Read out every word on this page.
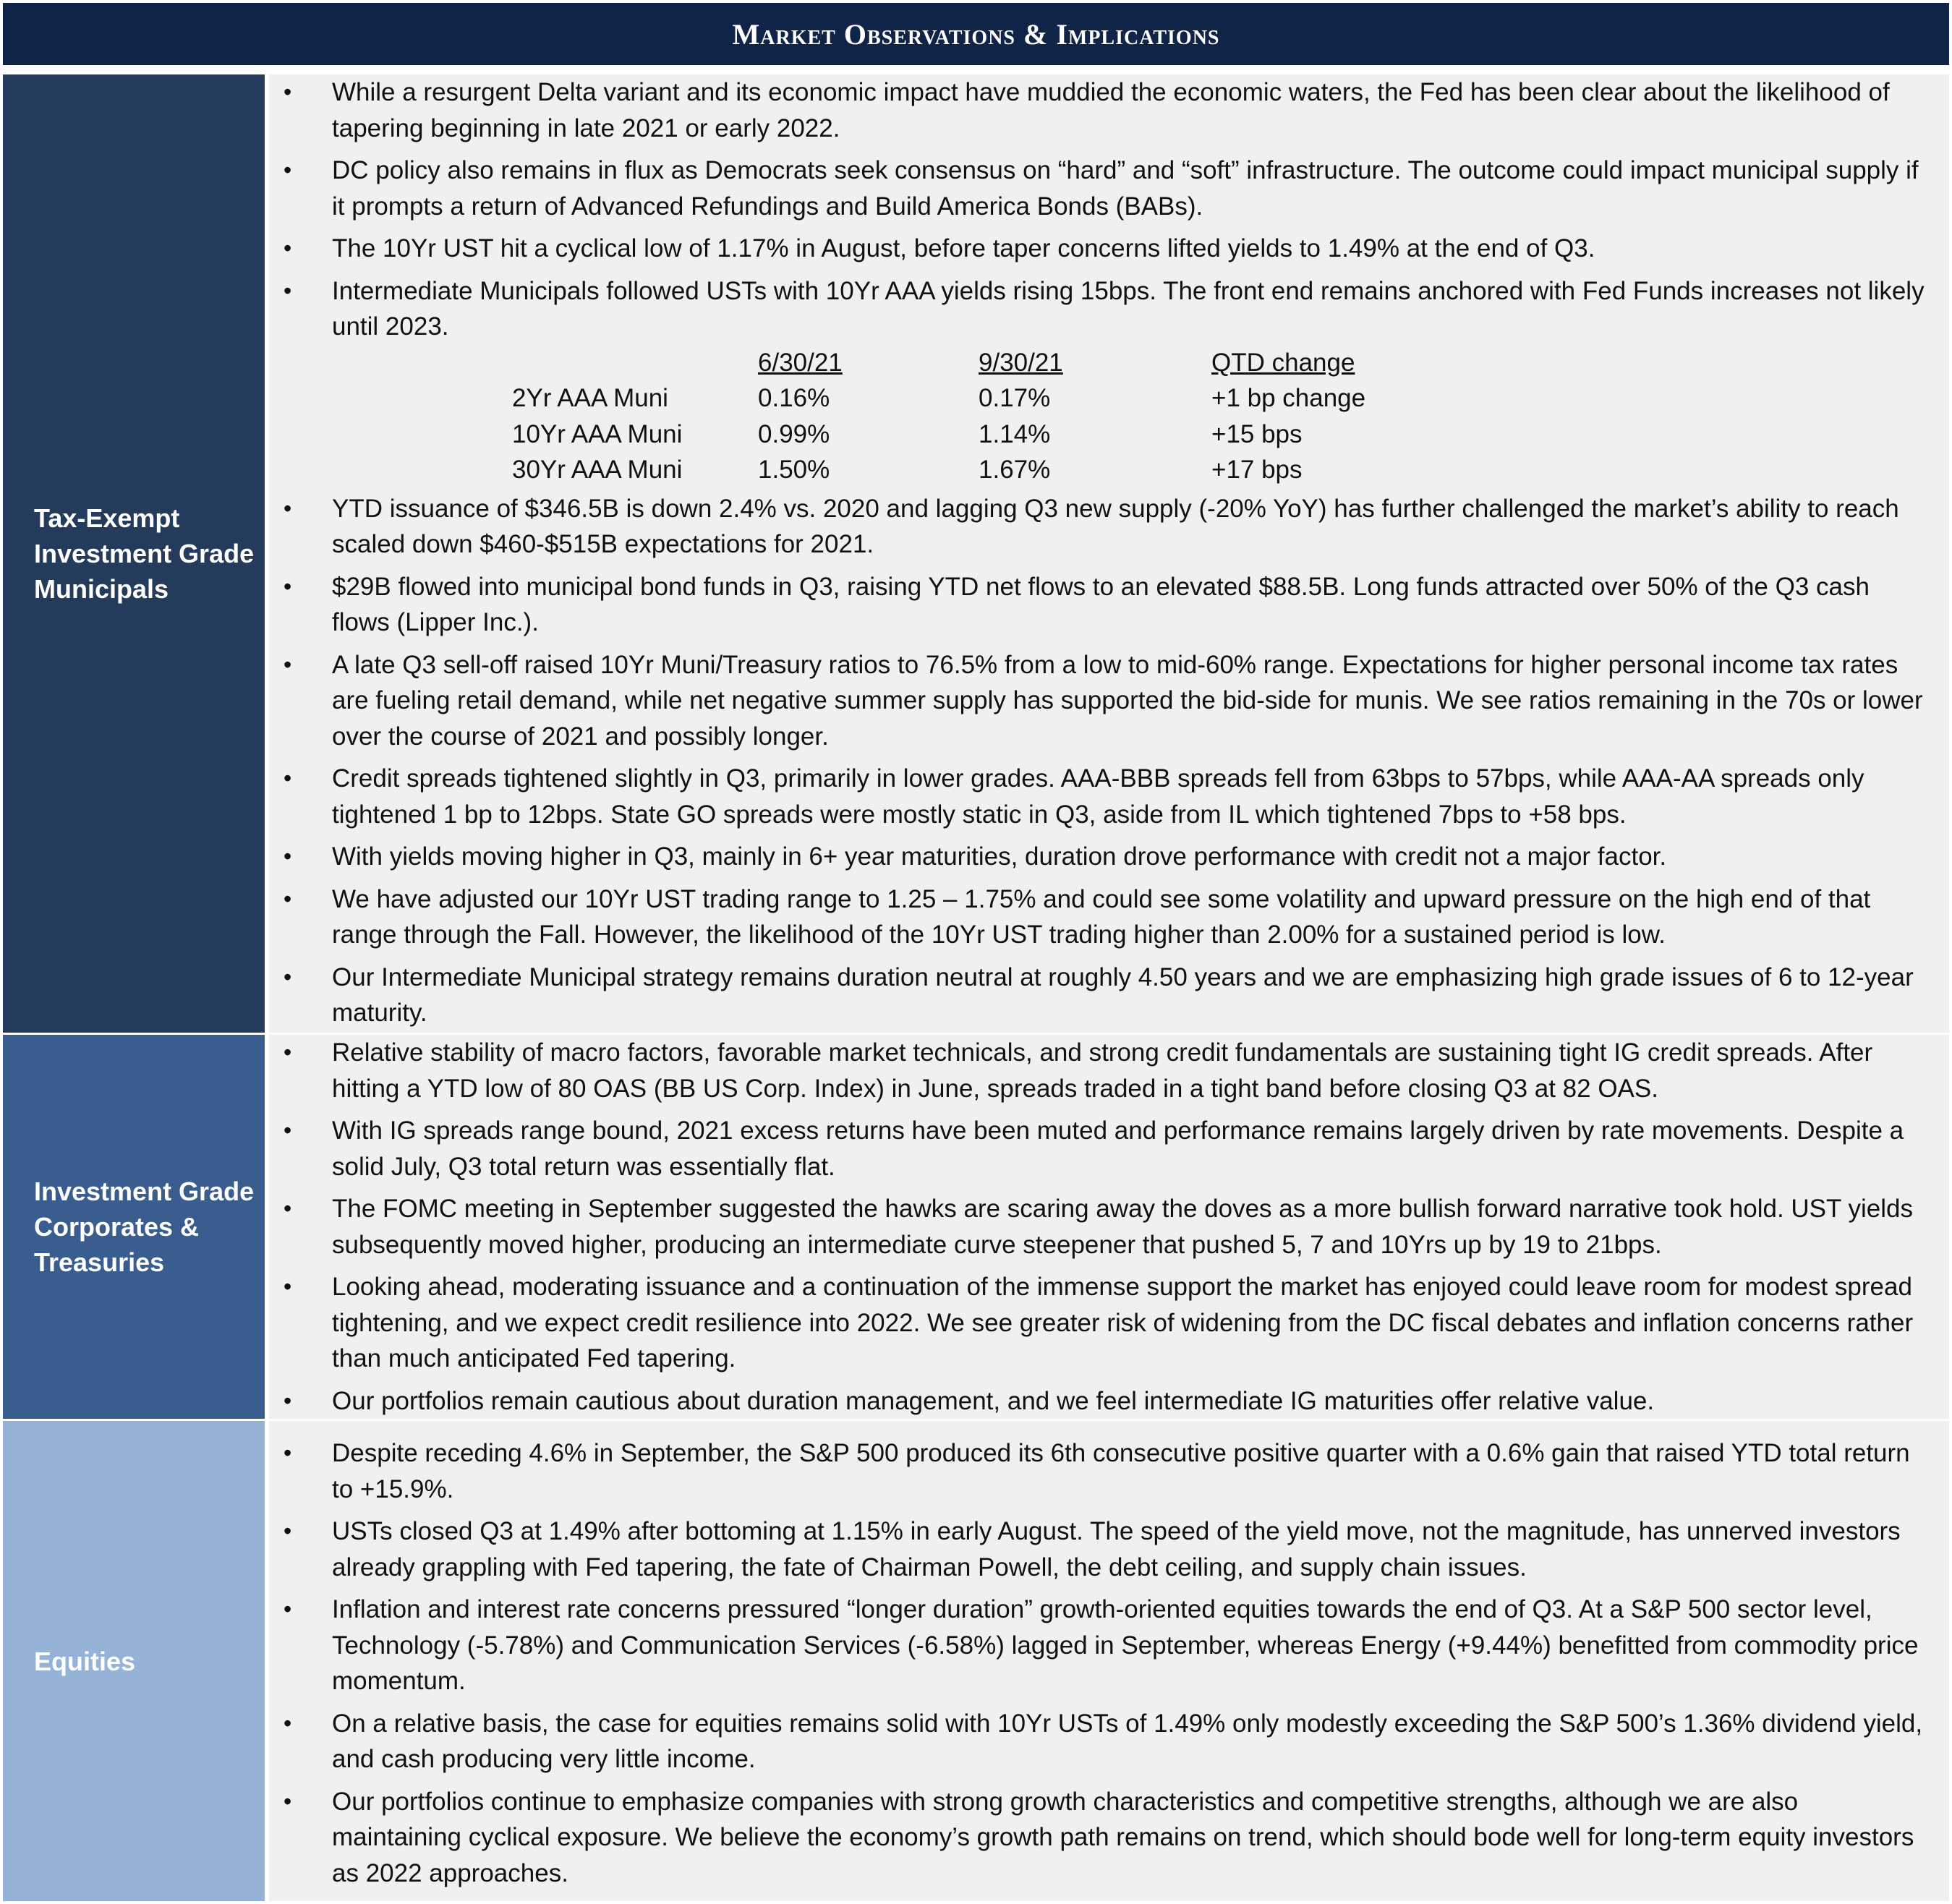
Market Observations & Implications
Tax-Exempt Investment Grade Municipals
• While a resurgent Delta variant and its economic impact have muddied the economic waters, the Fed has been clear about the likelihood of tapering beginning in late 2021 or early 2022.
• DC policy also remains in flux as Democrats seek consensus on “hard” and “soft” infrastructure. The outcome could impact municipal supply if it prompts a return of Advanced Refundings and Build America Bonds (BABs).
• The 10Yr UST hit a cyclical low of 1.17% in August, before taper concerns lifted yields to 1.49% at the end of Q3.
• Intermediate Municipals followed USTs with 10Yr AAA yields rising 15bps. The front end remains anchored with Fed Funds increases not likely until 2023.
	6/30/21	9/30/21	QTD change
2Yr AAA Muni	0.16%	0.17%	+1 bp change
10Yr AAA Muni	0.99%	1.14%	+15 bps
30Yr AAA Muni	1.50%	1.67%	+17 bps
• YTD issuance of $346.5B is down 2.4% vs. 2020 and lagging Q3 new supply (-20% YoY) has further challenged the market’s ability to reach scaled down $460-$515B expectations for 2021.
• $29B flowed into municipal bond funds in Q3, raising YTD net flows to an elevated $88.5B. Long funds attracted over 50% of the Q3 cash flows (Lipper Inc.).
• A late Q3 sell-off raised 10Yr Muni/Treasury ratios to 76.5% from a low to mid-60% range. Expectations for higher personal income tax rates are fueling retail demand, while net negative summer supply has supported the bid-side for munis. We see ratios remaining in the 70s or lower over the course of 2021 and possibly longer.
• Credit spreads tightened slightly in Q3, primarily in lower grades. AAA-BBB spreads fell from 63bps to 57bps, while AAA-AA spreads only tightened 1 bp to 12bps. State GO spreads were mostly static in Q3, aside from IL which tightened 7bps to +58 bps.
• With yields moving higher in Q3, mainly in 6+ year maturities, duration drove performance with credit not a major factor.
• We have adjusted our 10Yr UST trading range to 1.25 – 1.75% and could see some volatility and upward pressure on the high end of that range through the Fall. However, the likelihood of the 10Yr UST trading higher than 2.00% for a sustained period is low.
• Our Intermediate Municipal strategy remains duration neutral at roughly 4.50 years and we are emphasizing high grade issues of 6 to 12-year maturity.
Investment Grade Corporates & Treasuries
• Relative stability of macro factors, favorable market technicals, and strong credit fundamentals are sustaining tight IG credit spreads. After hitting a YTD low of 80 OAS (BB US Corp. Index) in June, spreads traded in a tight band before closing Q3 at 82 OAS.
• With IG spreads range bound, 2021 excess returns have been muted and performance remains largely driven by rate movements. Despite a solid July, Q3 total return was essentially flat.
• The FOMC meeting in September suggested the hawks are scaring away the doves as a more bullish forward narrative took hold. UST yields subsequently moved higher, producing an intermediate curve steepener that pushed 5, 7 and 10Yrs up by 19 to 21bps.
• Looking ahead, moderating issuance and a continuation of the immense support the market has enjoyed could leave room for modest spread tightening, and we expect credit resilience into 2022. We see greater risk of widening from the DC fiscal debates and inflation concerns rather than much anticipated Fed tapering.
• Our portfolios remain cautious about duration management, and we feel intermediate IG maturities offer relative value.
Equities
• Despite receding 4.6% in September, the S&P 500 produced its 6th consecutive positive quarter with a 0.6% gain that raised YTD total return to +15.9%.
• USTs closed Q3 at 1.49% after bottoming at 1.15% in early August. The speed of the yield move, not the magnitude, has unnerved investors already grappling with Fed tapering, the fate of Chairman Powell, the debt ceiling, and supply chain issues.
• Inflation and interest rate concerns pressured “longer duration” growth-oriented equities towards the end of Q3. At a S&P 500 sector level, Technology (-5.78%) and Communication Services (-6.58%) lagged in September, whereas Energy (+9.44%) benefitted from commodity price momentum.
• On a relative basis, the case for equities remains solid with 10Yr USTs of 1.49% only modestly exceeding the S&P 500’s 1.36% dividend yield, and cash producing very little income.
• Our portfolios continue to emphasize companies with strong growth characteristics and competitive strengths, although we are also maintaining cyclical exposure. We believe the economy’s growth path remains on trend, which should bode well for long-term equity investors as 2022 approaches.
